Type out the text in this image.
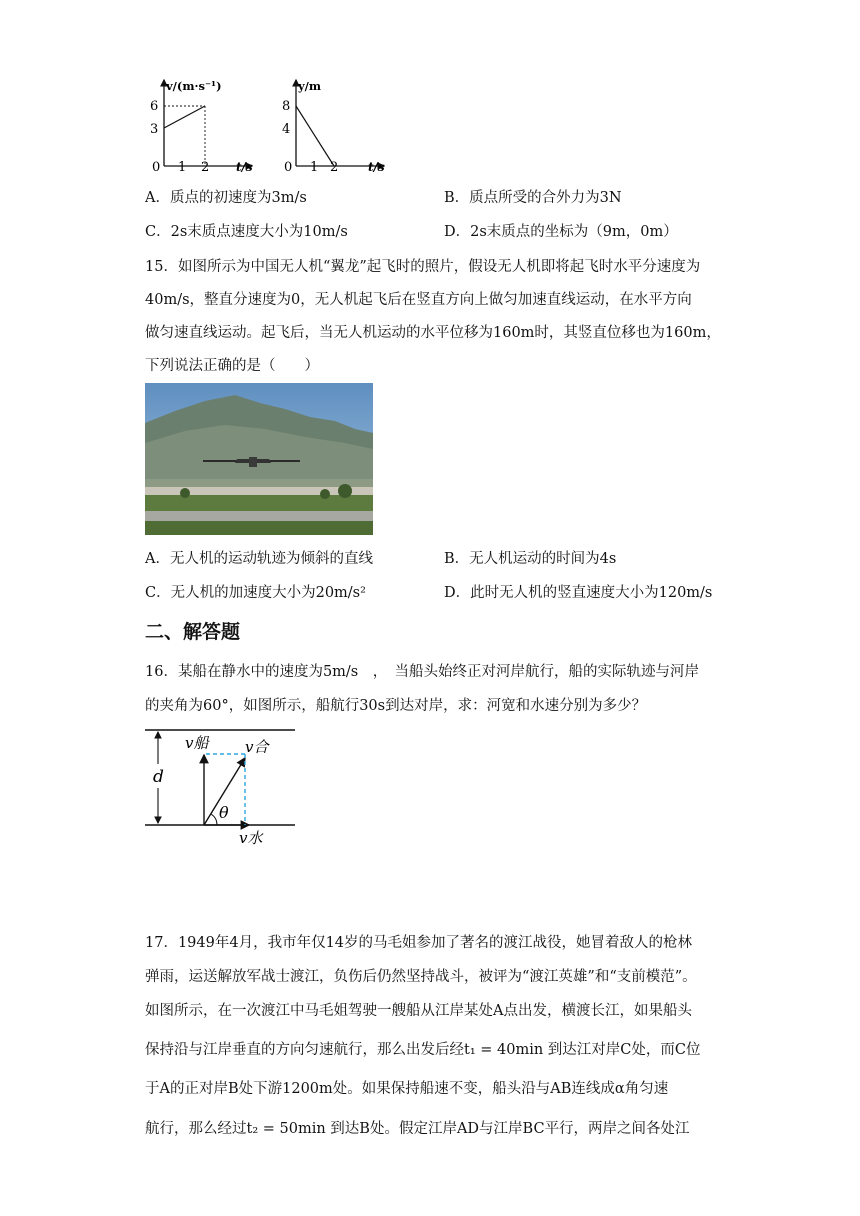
v/(m·s⁻¹)
6
3
0 1 2 t/s
y/m
8
4
0 1 2 t/s
A．质点的初速度为3m/s	B．质点所受的合外力为3N
C．2s末质点速度大小为10m/s	D．2s末质点的坐标为（9m，0m）
15．如图所示为中国无人机“翼龙”起飞时的照片，假设无人机即将起飞时水平分速度为
40m/s，整直分速度为0，无人机起飞后在竖直方向上做匀加速直线运动，在水平方向
做匀速直线运动。起飞后，当无人机运动的水平位移为160m时，其竖直位移也为160m，
下列说法正确的是（　　）
A．无人机的运动轨迹为倾斜的直线	B．无人机运动的时间为4s
C．无人机的加速度大小为20m/s²	D．此时无人机的竖直速度大小为120m/s
二、解答题
16．某船在静水中的速度为5m/s　，　当船头始终正对河岸航行，船的实际轨迹与河岸
的夹角为60°，如图所示，船航行30s到达对岸，求：河宽和水速分别为多少？
d
θ
v船 v合
v水
17．1949年4月，我市年仅14岁的马毛姐参加了著名的渡江战役，她冒着敌人的枪林
弹雨，运送解放军战士渡江，负伤后仍然坚持战斗，被评为“渡江英雄”和“支前模范”。
如图所示，在一次渡江中马毛姐驾驶一艘船从江岸某处A点出发，横渡长江，如果船头
保持沿与江岸垂直的方向匀速航行，那么出发后经t₁ = 40min 到达江对岸C处，而C位
于A的正对岸B处下游1200m处。如果保持船速不变，船头沿与AB连线成α角匀速
航行，那么经过t₂ = 50min 到达B处。假定江岸AD与江岸BC平行，两岸之间各处江
